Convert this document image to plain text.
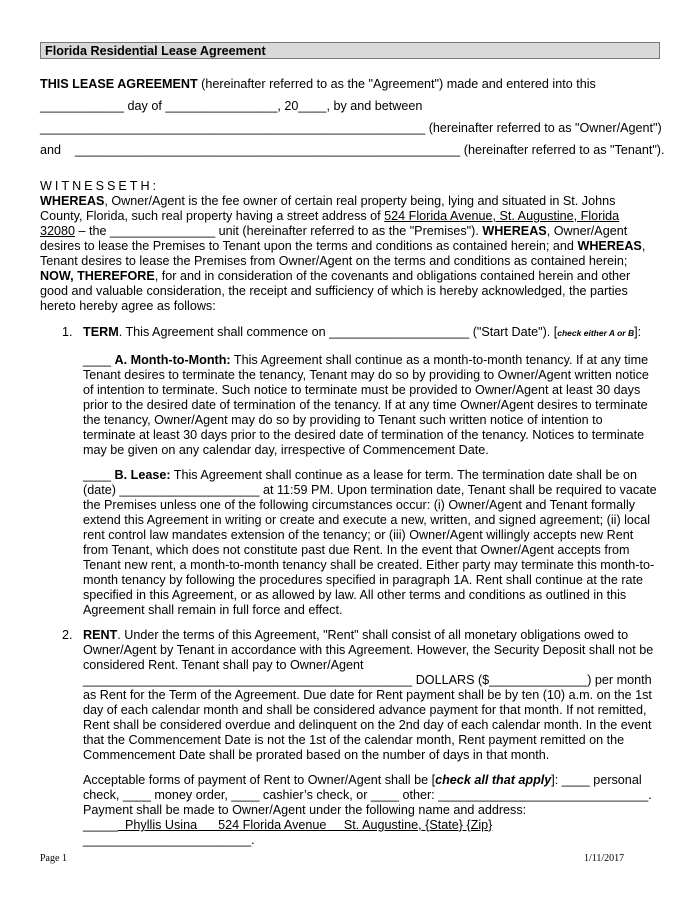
Florida Residential Lease Agreement
THIS LEASE AGREEMENT (hereinafter referred to as the "Agreement") made and entered into this
____________ day of ________________, 20____, by and between
_______________________________________________________ (hereinafter referred to as "Owner/Agent")
and _______________________________________________________ (hereinafter referred to as "Tenant").
WITNESSETH:
WHEREAS, Owner/Agent is the fee owner of certain real property being, lying and situated in St. Johns
County, Florida, such real property having a street address of 524 Florida Avenue, St. Augustine, Florida
32080 – the _______________ unit (hereinafter referred to as the "Premises"). WHEREAS, Owner/Agent
desires to lease the Premises to Tenant upon the terms and conditions as contained herein; and WHEREAS,
Tenant desires to lease the Premises from Owner/Agent on the terms and conditions as contained herein;
NOW, THEREFORE, for and in consideration of the covenants and obligations contained herein and other
good and valuable consideration, the receipt and sufficiency of which is hereby acknowledged, the parties
hereto hereby agree as follows:
1. TERM. This Agreement shall commence on ____________________ ("Start Date"). [check either A or B]:
____ A. Month-to-Month: This Agreement shall continue as a month-to-month tenancy. If at any time
Tenant desires to terminate the tenancy, Tenant may do so by providing to Owner/Agent written notice
of intention to terminate. Such notice to terminate must be provided to Owner/Agent at least 30 days
prior to the desired date of termination of the tenancy. If at any time Owner/Agent desires to terminate
the tenancy, Owner/Agent may do so by providing to Tenant such written notice of intention to
terminate at least 30 days prior to the desired date of termination of the tenancy. Notices to terminate
may be given on any calendar day, irrespective of Commencement Date.
____ B. Lease: This Agreement shall continue as a lease for term. The termination date shall be on
(date) ____________________ at 11:59 PM. Upon termination date, Tenant shall be required to vacate
the Premises unless one of the following circumstances occur: (i) Owner/Agent and Tenant formally
extend this Agreement in writing or create and execute a new, written, and signed agreement; (ii) local
rent control law mandates extension of the tenancy; or (iii) Owner/Agent willingly accepts new Rent
from Tenant, which does not constitute past due Rent. In the event that Owner/Agent accepts from
Tenant new rent, a month-to-month tenancy shall be created. Either party may terminate this month-to-
month tenancy by following the procedures specified in paragraph 1A. Rent shall continue at the rate
specified in this Agreement, or as allowed by law. All other terms and conditions as outlined in this
Agreement shall remain in full force and effect.
2. RENT. Under the terms of this Agreement, "Rent" shall consist of all monetary obligations owed to
Owner/Agent by Tenant in accordance with this Agreement. However, the Security Deposit shall not be
considered Rent. Tenant shall pay to Owner/Agent
_______________________________________________ DOLLARS ($______________) per month
as Rent for the Term of the Agreement. Due date for Rent payment shall be by ten (10) a.m. on the 1st
day of each calendar month and shall be considered advance payment for that month. If not remitted,
Rent shall be considered overdue and delinquent on the 2nd day of each calendar month. In the event
that the Commencement Date is not the 1st of the calendar month, Rent payment remitted on the
Commencement Date shall be prorated based on the number of days in that month.
Acceptable forms of payment of Rent to Owner/Agent shall be [check all that apply]: ____ personal
check, ____ money order, ____ cashier’s check, or ____ other: ______________________________.
Payment shall be made to Owner/Agent under the following name and address:
_____  Phyllis Usina      524 Florida Avenue     St. Augustine, {State} {Zip}
________________________.
Page 1	1/11/2017
